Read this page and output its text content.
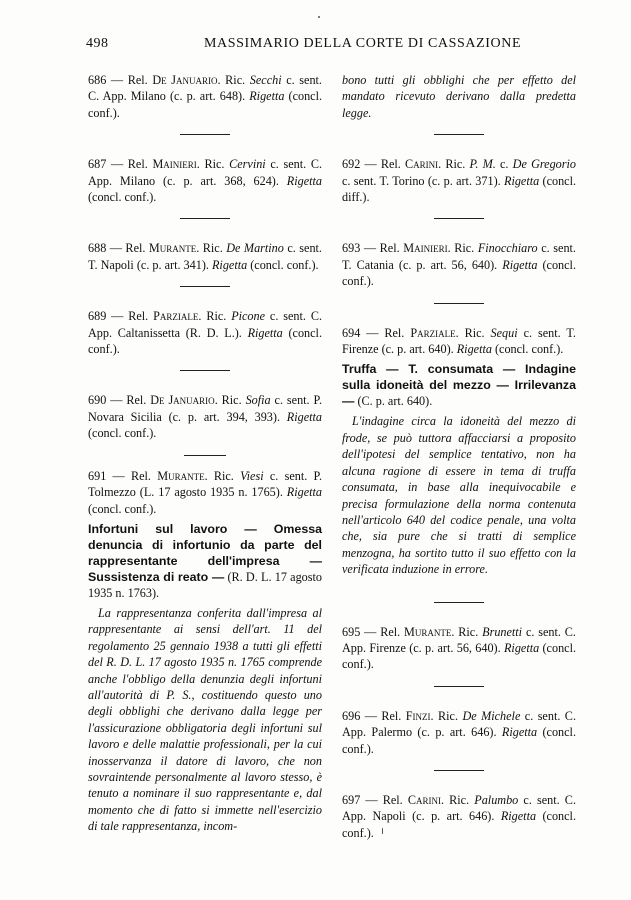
498	MASSIMARIO DELLA CORTE DI CASSAZIONE

686 — Rel. De Januario. Ric. Secchi c. sent. C. App. Milano (c. p. art. 648). Rigetta (concl. conf.).

687 — Rel. Mainieri. Ric. Cervini c. sent. C. App. Milano (c. p. art. 368, 624). Rigetta (concl. conf.).

688 — Rel. Murante. Ric. De Martino c. sent. T. Napoli (c. p. art. 341). Rigetta (concl. conf.).

689 — Rel. Parziale. Ric. Picone c. sent. C. App. Caltanissetta (R. D. L.). Rigetta (concl. conf.).

690 — Rel. De Januario. Ric. Sofia c. sent. P. Novara Sicilia (c. p. art. 394, 393). Rigetta (concl. conf.).

691 — Rel. Murante. Ric. Viesi c. sent. P. Tolmezzo (L. 17 agosto 1935 n. 1765). Rigetta (concl. conf.).

Infortuni sul lavoro — Omessa denuncia di infortunio da parte del rappresentante dell'impresa — Sussistenza di reato — (R. D. L. 17 agosto 1935 n. 1763).

La rappresentanza conferita dall'impresa al rappresentante ai sensi dell'art. 11 del regolamento 25 gennaio 1938 a tutti gli effetti del R. D. L. 17 agosto 1935 n. 1765 comprende anche l'obbligo della denunzia degli infortuni all'autorità di P. S., costituendo questo uno degli obblighi che derivano dalla legge per l'assicurazione obbligatoria degli infortuni sul lavoro e delle malattie professionali, per la cui inosservanza il datore di lavoro, che non sovraintende personalmente al lavoro stesso, è tenuto a nominare il suo rappresentante e, dal momento che di fatto si immette nell'esercizio di tale rappresentanza, incom-

bono tutti gli obblighi che per effetto del mandato ricevuto derivano dalla predetta legge.

692 — Rel. Carini. Ric. P. M. c. De Gregorio c. sent. T. Torino (c. p. art. 371). Rigetta (concl. diff.).

693 — Rel. Mainieri. Ric. Finocchiaro c. sent. T. Catania (c. p. art. 56, 640). Rigetta (concl. conf.).

694 — Rel. Parziale. Ric. Sequi c. sent. T. Firenze (c. p. art. 640). Rigetta (concl. conf.).

Truffa — T. consumata — Indagine sulla idoneità del mezzo — Irrilevanza — (C. p. art. 640).

L'indagine circa la idoneità del mezzo di frode, se può tuttora affacciarsi a proposito dell'ipotesi del semplice tentativo, non ha alcuna ragione di essere in tema di truffa consumata, in base alla inequivocabile e precisa formulazione della norma contenuta nell'articolo 640 del codice penale, una volta che, sia pure che si tratti di semplice menzogna, ha sortito tutto il suo effetto con la verificata induzione in errore.

695 — Rel. Murante. Ric. Brunetti c. sent. C. App. Firenze (c. p. art. 56, 640). Rigetta (concl. conf.).

696 — Rel. Finzi. Ric. De Michele c. sent. C. App. Palermo (c. p. art. 646). Rigetta (concl. conf.).

697 — Rel. Carini. Ric. Palumbo c. sent. C. App. Napoli (c. p. art. 646). Rigetta (concl. conf.).
